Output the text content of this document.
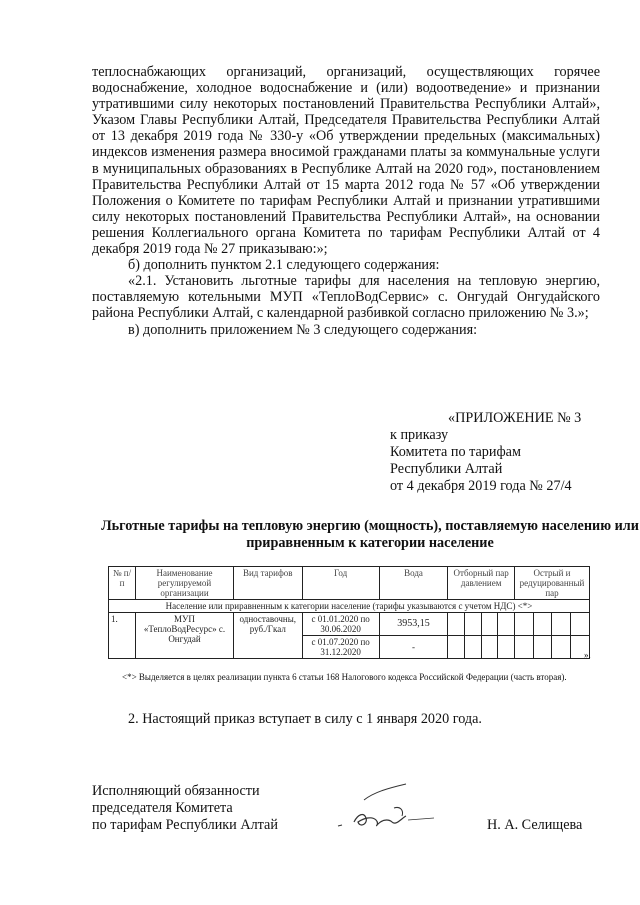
теплоснабжающих организаций, организаций, осуществляющих горячее водоснабжение, холодное водоснабжение и (или) водоотведение» и признании утратившими силу некоторых постановлений Правительства Республики Алтай», Указом Главы Республики Алтай, Председателя Правительства Республики Алтай от 13 декабря 2019 года № 330-у «Об утверждении предельных (максимальных) индексов изменения размера вносимой гражданами платы за коммунальные услуги в муниципальных образованиях в Республике Алтай на 2020 год», постановлением Правительства Республики Алтай от 15 марта 2012 года № 57 «Об утверждении Положения о Комитете по тарифам Республики Алтай и признании утратившими силу некоторых постановлений Правительства Республики Алтай», на основании решения Коллегиального органа Комитета по тарифам Республики Алтай от 4 декабря 2019 года № 27 приказываю:»;

б) дополнить пунктом 2.1 следующего содержания:

«2.1. Установить льготные тарифы для населения на тепловую энергию, поставляемую котельными МУП «ТеплоВодСервис» с. Онгудай Онгудайского района Республики Алтай, с календарной разбивкой согласно приложению № 3.»;

в) дополнить приложением № 3 следующего содержания:

«ПРИЛОЖЕНИЕ № 3
к приказу
Комитета по тарифам
Республики Алтай
от 4 декабря 2019 года № 27/4
Льготные тарифы на тепловую энергию (мощность), поставляемую населению или приравненным к категории население
№ п/п	Наименование регулируемой организации	Вид тарифов	Год	Вода	Отборный пар давлением				Острый и редуцированный пар			
Население или приравненным к категории население (тарифы указываются с учетом НДС) <*>												
1.	МУП «ТеплоВодРесурс» с. Онгудай	одноставочны, руб./Гкал	с 01.01.2020 по 30.06.2020	3953,15								
			с 01.07.2020 по 31.12.2020	-								
».
<*> Выделяется в целях реализации пункта 6 статьи 168 Налогового кодекса Российской Федерации (часть вторая).
2. Настоящий приказ вступает в силу с 1 января 2020 года.
Исполняющий обязанности
председателя Комитета
по тарифам Республики Алтай	Н. А. Селищева
